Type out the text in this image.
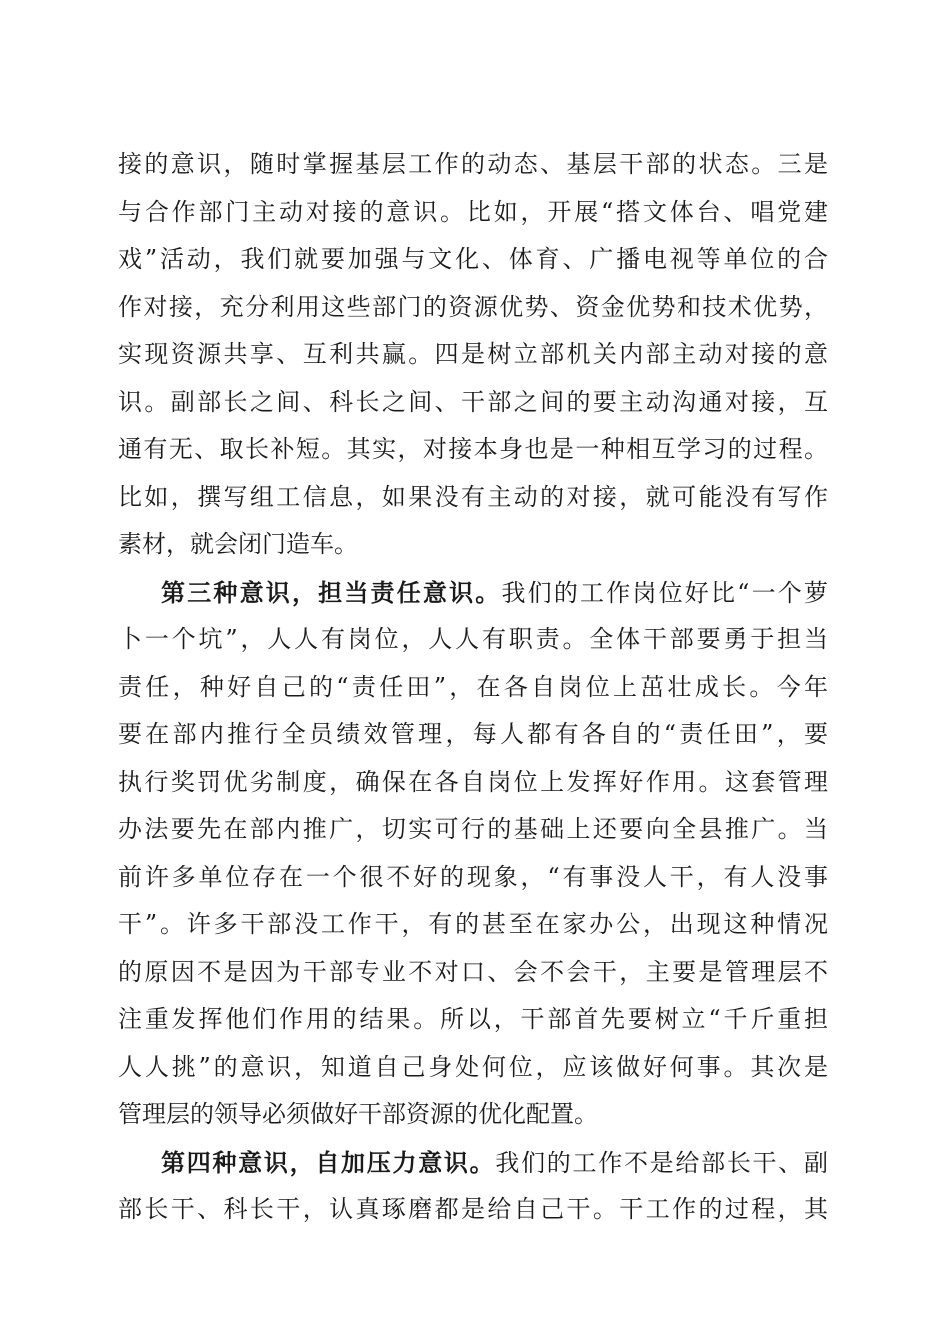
接的意识，随时掌握基层工作的动态、基层干部的状态。三是
与合作部门主动对接的意识。比如，开展“搭文体台、唱党建
戏”活动，我们就要加强与文化、体育、广播电视等单位的合
作对接，充分利用这些部门的资源优势、资金优势和技术优势，
实现资源共享、互利共赢。四是树立部机关内部主动对接的意
识。副部长之间、科长之间、干部之间的要主动沟通对接，互
通有无、取长补短。其实，对接本身也是一种相互学习的过程。
比如，撰写组工信息，如果没有主动的对接，就可能没有写作
素材，就会闭门造车。
第三种意识，担当责任意识。我们的工作岗位好比“一个萝
卜一个坑”，人人有岗位，人人有职责。全体干部要勇于担当
责任，种好自己的“责任田”，在各自岗位上茁壮成长。今年
要在部内推行全员绩效管理，每人都有各自的“责任田”，要
执行奖罚优劣制度，确保在各自岗位上发挥好作用。这套管理
办法要先在部内推广，切实可行的基础上还要向全县推广。当
前许多单位存在一个很不好的现象，“有事没人干，有人没事
干”。许多干部没工作干，有的甚至在家办公，出现这种情况
的原因不是因为干部专业不对口、会不会干，主要是管理层不
注重发挥他们作用的结果。所以，干部首先要树立“千斤重担
人人挑”的意识，知道自己身处何位，应该做好何事。其次是
管理层的领导必须做好干部资源的优化配置。
第四种意识，自加压力意识。我们的工作不是给部长干、副
部长干、科长干，认真琢磨都是给自己干。干工作的过程，其
